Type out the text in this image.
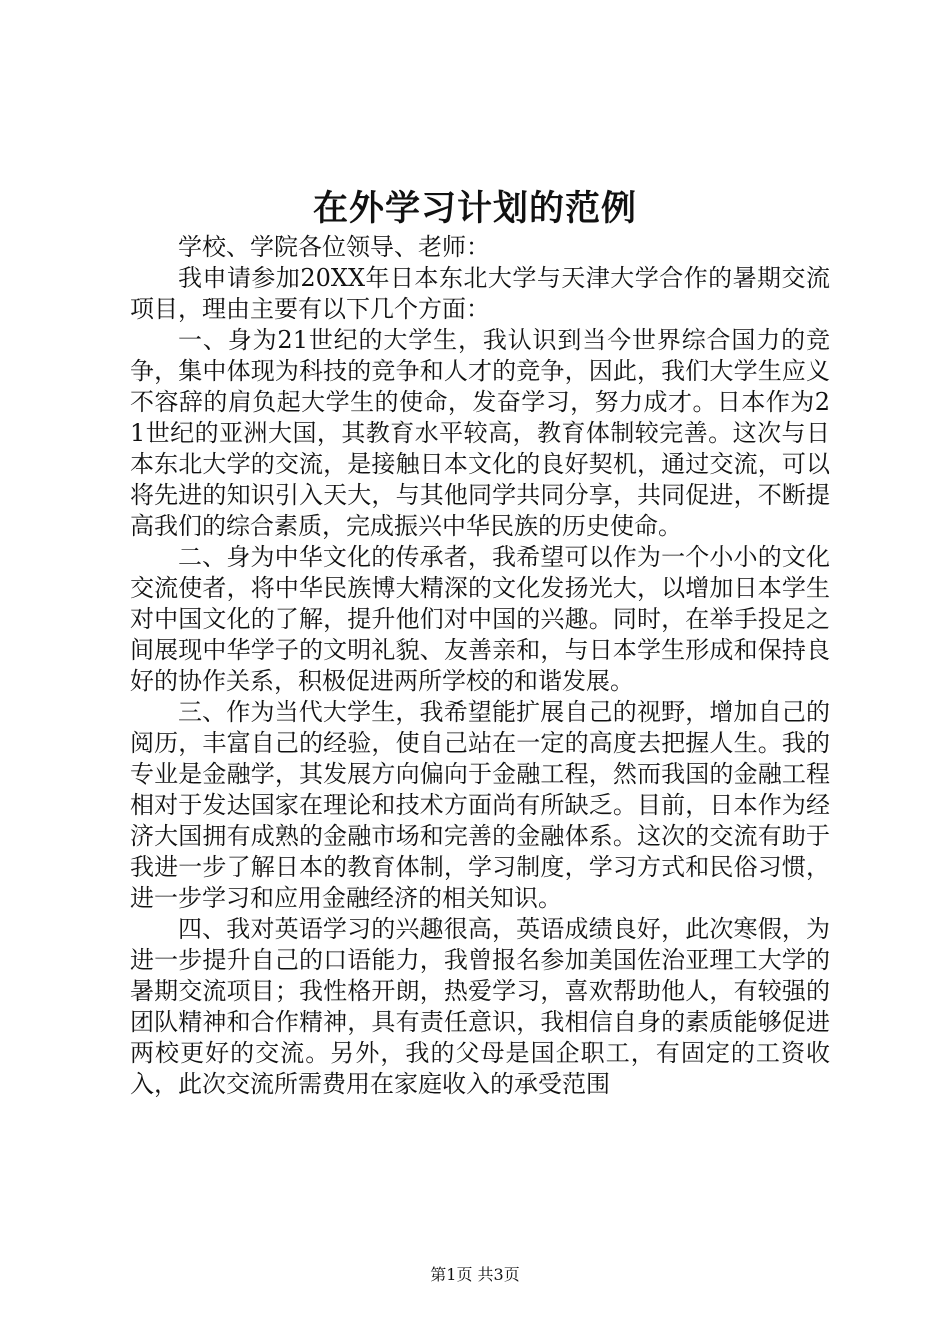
在外学习计划的范例

学校、学院各位领导、老师：

我申请参加20XX年日本东北大学与天津大学合作的暑期交流项目，理由主要有以下几个方面：

一、身为21世纪的大学生，我认识到当今世界综合国力的竞争，集中体现为科技的竞争和人才的竞争，因此，我们大学生应义不容辞的肩负起大学生的使命，发奋学习，努力成才。日本作为21世纪的亚洲大国，其教育水平较高，教育体制较完善。这次与日本东北大学的交流，是接触日本文化的良好契机，通过交流，可以将先进的知识引入天大，与其他同学共同分享，共同促进，不断提高我们的综合素质，完成振兴中华民族的历史使命。

二、身为中华文化的传承者，我希望可以作为一个小小的文化交流使者，将中华民族博大精深的文化发扬光大，以增加日本学生对中国文化的了解，提升他们对中国的兴趣。同时，在举手投足之间展现中华学子的文明礼貌、友善亲和，与日本学生形成和保持良好的协作关系，积极促进两所学校的和谐发展。

三、作为当代大学生，我希望能扩展自己的视野，增加自己的阅历，丰富自己的经验，使自己站在一定的高度去把握人生。我的专业是金融学，其发展方向偏向于金融工程，然而我国的金融工程相对于发达国家在理论和技术方面尚有所缺乏。目前，日本作为经济大国拥有成熟的金融市场和完善的金融体系。这次的交流有助于我进一步了解日本的教育体制，学习制度，学习方式和民俗习惯，进一步学习和应用金融经济的相关知识。

四、我对英语学习的兴趣很高，英语成绩良好，此次寒假，为进一步提升自己的口语能力，我曾报名参加美国佐治亚理工大学的暑期交流项目；我性格开朗，热爱学习，喜欢帮助他人，有较强的团队精神和合作精神，具有责任意识，我相信自身的素质能够促进两校更好的交流。另外，我的父母是国企职工，有固定的工资收入，此次交流所需费用在家庭收入的承受范围

第1页 共3页
